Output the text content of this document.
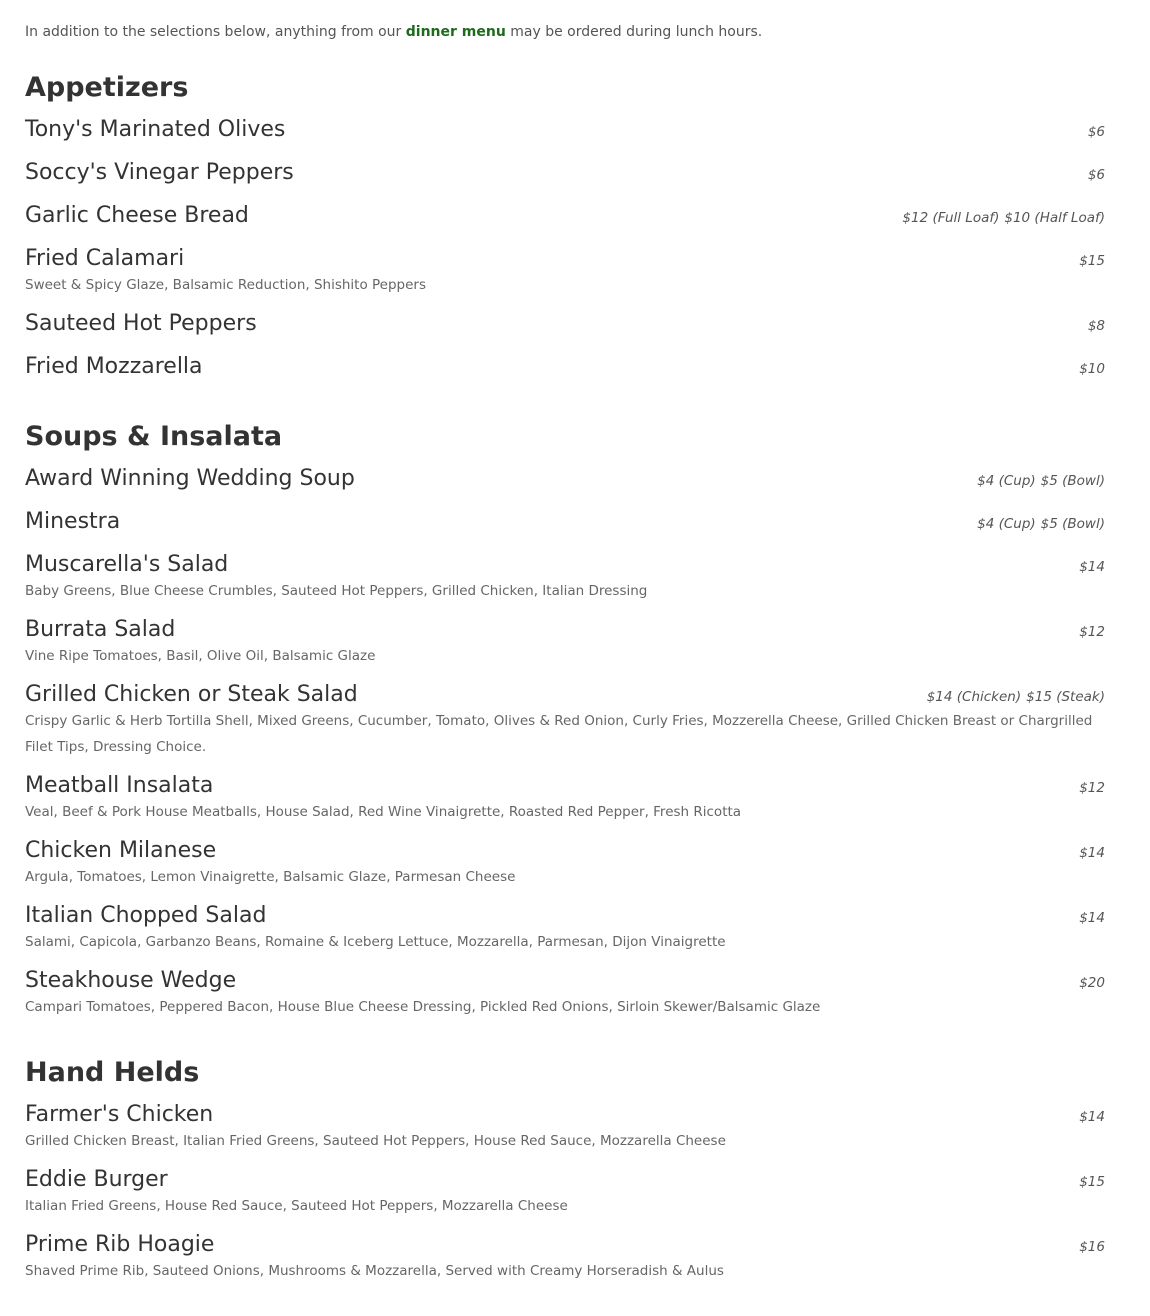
In addition to the selections below, anything from our dinner menu may be ordered during lunch hours.

Appetizers
Tony's Marinated Olives	$6
Soccy's Vinegar Peppers	$6
Garlic Cheese Bread	$12 (Full Loaf) $10 (Half Loaf)
Fried Calamari	$15
Sweet & Spicy Glaze, Balsamic Reduction, Shishito Peppers
Sauteed Hot Peppers	$8
Fried Mozzarella	$10
Soups & Insalata
Award Winning Wedding Soup	$4 (Cup) $5 (Bowl)
Minestra	$4 (Cup) $5 (Bowl)
Muscarella's Salad	$14
Baby Greens, Blue Cheese Crumbles, Sauteed Hot Peppers, Grilled Chicken, Italian Dressing
Burrata Salad	$12
Vine Ripe Tomatoes, Basil, Olive Oil, Balsamic Glaze
Grilled Chicken or Steak Salad	$14 (Chicken) $15 (Steak)
Crispy Garlic & Herb Tortilla Shell, Mixed Greens, Cucumber, Tomato, Olives & Red Onion, Curly Fries, Mozzerella Cheese, Grilled Chicken Breast or Chargrilled Filet Tips, Dressing Choice.
Meatball Insalata	$12
Veal, Beef & Pork House Meatballs, House Salad, Red Wine Vinaigrette, Roasted Red Pepper, Fresh Ricotta
Chicken Milanese	$14
Argula, Tomatoes, Lemon Vinaigrette, Balsamic Glaze, Parmesan Cheese
Italian Chopped Salad	$14
Salami, Capicola, Garbanzo Beans, Romaine & Iceberg Lettuce, Mozzarella, Parmesan, Dijon Vinaigrette
Steakhouse Wedge	$20
Campari Tomatoes, Peppered Bacon, House Blue Cheese Dressing, Pickled Red Onions, Sirloin Skewer/Balsamic Glaze
Hand Helds
Farmer's Chicken	$14
Grilled Chicken Breast, Italian Fried Greens, Sauteed Hot Peppers, House Red Sauce, Mozzarella Cheese
Eddie Burger	$15
Italian Fried Greens, House Red Sauce, Sauteed Hot Peppers, Mozzarella Cheese
Prime Rib Hoagie	$16
Shaved Prime Rib, Sauteed Onions, Mushrooms & Mozzarella, Served with Creamy Horseradish & Aulus
